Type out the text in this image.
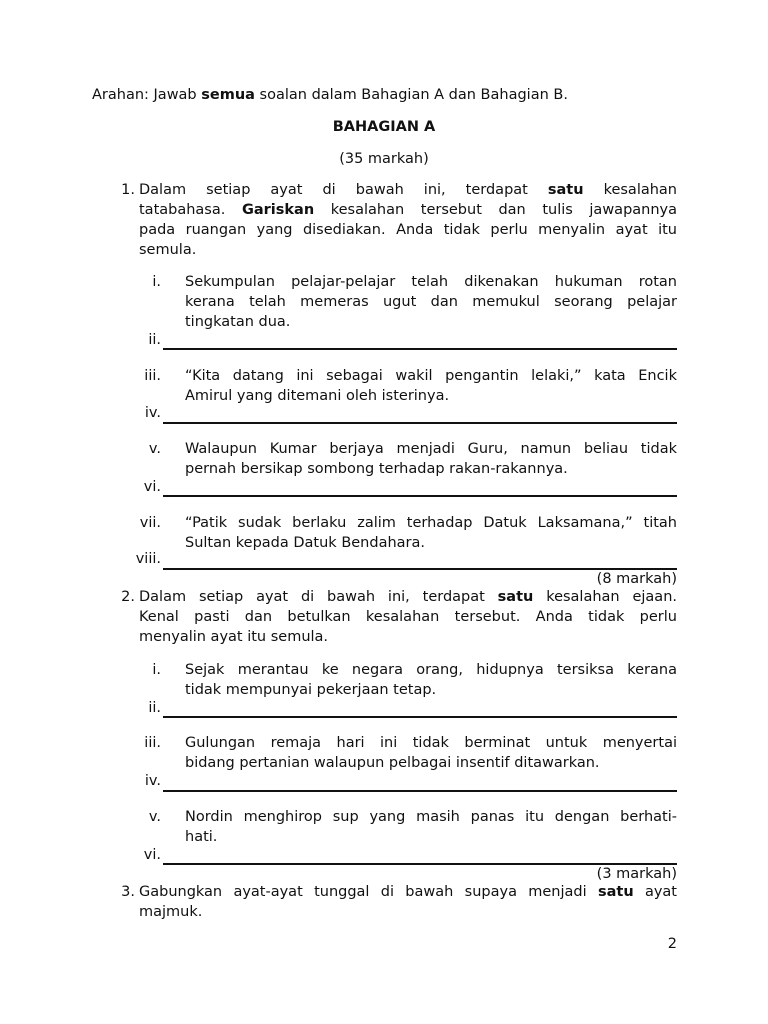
Arahan: Jawab semua soalan dalam Bahagian A dan Bahagian B.
BAHAGIAN A
(35 markah)
1. Dalam setiap ayat di bawah ini, terdapat satu kesalahan
tatabahasa. Gariskan kesalahan tersebut dan tulis jawapannya
pada ruangan yang disediakan. Anda tidak perlu menyalin ayat itu
semula.
i. Sekumpulan pelajar-pelajar telah dikenakan hukuman rotan
kerana telah memeras ugut dan memukul seorang pelajar
tingkatan dua.
ii.
iii. “Kita datang ini sebagai wakil pengantin lelaki,” kata Encik
Amirul yang ditemani oleh isterinya.
iv.
v. Walaupun Kumar berjaya menjadi Guru, namun beliau tidak
pernah bersikap sombong terhadap rakan-rakannya.
vi.
vii. “Patik sudak berlaku zalim terhadap Datuk Laksamana,” titah
Sultan kepada Datuk Bendahara.
viii.
(8 markah)
2. Dalam setiap ayat di bawah ini, terdapat satu kesalahan ejaan.
Kenal pasti dan betulkan kesalahan tersebut. Anda tidak perlu
menyalin ayat itu semula.
i. Sejak merantau ke negara orang, hidupnya tersiksa kerana
tidak mempunyai pekerjaan tetap.
ii.
iii. Gulungan remaja hari ini tidak berminat untuk menyertai
bidang pertanian walaupun pelbagai insentif ditawarkan.
iv.
v. Nordin menghirop sup yang masih panas itu dengan berhati-
hati.
vi.
(3 markah)
3. Gabungkan ayat-ayat tunggal di bawah supaya menjadi satu ayat
majmuk.
2
